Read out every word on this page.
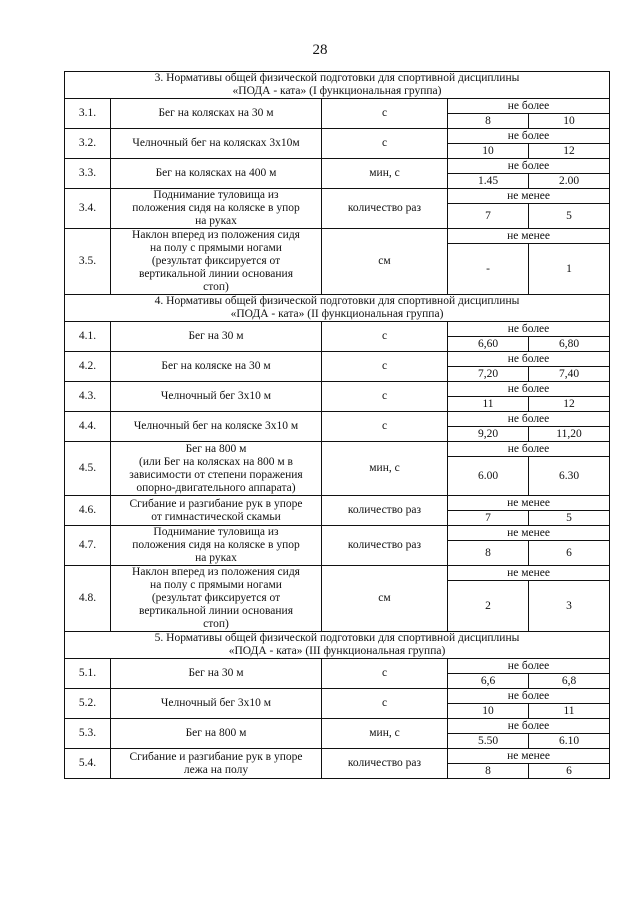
28
3. Нормативы общей физической подготовки для спортивной дисциплины
«ПОДА - ката» (I функциональная группа)				

3.1.	Бег на колясках на 30 м	с	не более	
			8	10
3.2.	Челночный бег на колясках 3х10м	с	не более	
			10	12
3.3.	Бег на колясках на 400 м	мин, с	не более	
			1.45	2.00
3.4.	Поднимание туловища из
положения сидя на коляске в упор
на руках	количество раз	не менее	
			7	5
3.5.	Наклон вперед из положения сидя
на полу с прямыми ногами
(результат фиксируется от
вертикальной линии основания
стоп)	см	не менее	
			-	1

4. Нормативы общей физической подготовки для спортивной дисциплины
«ПОДА - ката» (II функциональная группа)				

4.1.	Бег на 30 м	с	не более	
			6,60	6,80
4.2.	Бег на коляске на 30 м	с	не более	
			7,20	7,40
4.3.	Челночный бег 3х10 м	с	не более	
			11	12
4.4.	Челночный бег на коляске 3х10 м	с	не более	
			9,20	11,20
4.5.	Бег на 800 м
(или Бег на колясках на 800 м в
зависимости от степени поражения
опорно-двигательного аппарата)	мин, с	не более	
			6.00	6.30
4.6.	Сгибание и разгибание рук в упоре
от гимнастической скамьи	количество раз	не менее	
			7	5
4.7.	Поднимание туловища из
положения сидя на коляске в упор
на руках	количество раз	не менее	
			8	6
4.8.	Наклон вперед из положения сидя
на полу с прямыми ногами
(результат фиксируется от
вертикальной линии основания
стоп)	см	не менее	
			2	3

5. Нормативы общей физической подготовки для спортивной дисциплины
«ПОДА - ката» (III функциональная группа)				

5.1.	Бег на 30 м	с	не более	
			6,6	6,8
5.2.	Челночный бег 3х10 м	с	не более	
			10	11
5.3.	Бег на 800 м	мин, с	не более	
			5.50	6.10
5.4.	Сгибание и разгибание рук в упоре
лежа на полу	количество раз	не менее	
			8	6
